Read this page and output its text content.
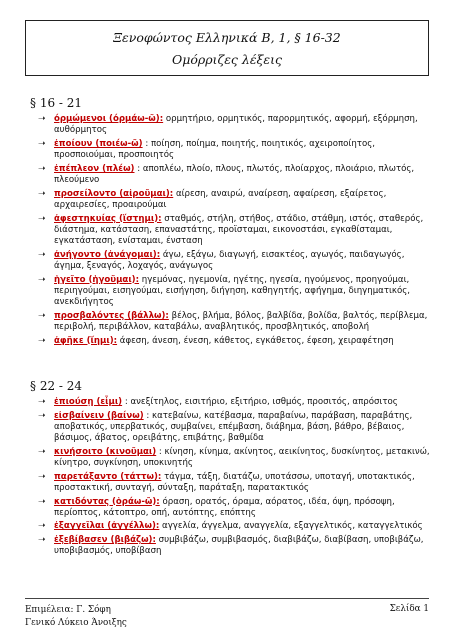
Ξενοφώντος Ελληνικά Β, 1, § 16-32
Ομόρριζες λέξεις
§ 16 - 21
➝ όρμώμενοι (όρμάω-ῶ): ορμητήριο, ορμητικός, παρορμητικός, αφορμή, εξόρμηση, αυθόρμητος
➝ ἐποίουν (ποιέω-ῶ) : ποίηση, ποίημα, ποιητής, ποιητικός, αχειροποίητος, προσποιούμαι, προσποιητός
➝ ἐπέπλεον (πλέω) : αποπλέω, πλοίο, πλους, πλωτός, πλοίαρχος, πλοιάριο, πλωτός, πλεούμενο
➝ προσείλοντο (αἱροῦμαι): αίρεση, αναιρώ, αναίρεση, αφαίρεση, εξαίρετος, αρχαιρεσίες, προαιρούμαι
➝ ἀφεστηκυίας (ἵστημι): σταθμός, στήλη, στήθος, στάδιο, στάθμη, ιστός, σταθερός, διάστημα, κατάσταση, επαναστάτης, προϊσταμαι, εικονοστάσι, εγκαθίσταμαι, εγκατάσταση, ενίσταμαι, ένσταση
➝ ἀνήγοντο (ἀνάγομαι): άγω, εξάγω, διαγωγή, εισακτέος, αγωγός, παιδαγωγός, άγημα, ξεναγός, λοχαγός, ανάγωγος
➝ ἡγεῖτο (ἡγοῦμαι): ηγεμόνας, ηγεμονία, ηγέτης, ηγεσία, ηγούμενος, προηγούμαι, περιηγούμαι, εισηγούμαι, εισήγηση, διήγηση, καθηγητής, αφήγημα, διηγηματικός, ανεκδιήγητος
➝ προσβαλόντες (βάλλω): βέλος, βλήμα, βόλος, βαλβίδα, βολίδα, βαλτός, περίβλεμα, περιβολή, περιβάλλον, καταβάλω, αναβλητικός, προσβλητικός, αποβολή
➝ ἀφῆκε (ἵημι): άφεση, άνεση, ένεση, κάθετος, εγκάθετος, έφεση, χειραφέτηση
§ 22 - 24
➝ ἐπιούσῃ (εἶμι) : ανεξίτηλος, εισιτήριο, εξιτήριο, ισθμός, προσιτός, απρόσιτος
➝ εἰσβαίνειν (βαίνω) : κατεβαίνω, κατέβασμα, παραβαίνω, παράβαση, παραβάτης, αποβατικός, υπερβατικός, συμβαίνει, επέμβαση, διάβημα, βάση, βάθρο, βέβαιος, βάσιμος, άβατος, ορειβάτης, επιβάτης, βαθμίδα
➝ κινήσοιτο (κινοῦμαι) : κίνηση, κίνημα, ακίνητος, αεικίνητος, δυσκίνητος, μετακινώ, κίνητρο, συγκίνηση, υποκινητής
➝ παρετάξαντο (τάττω): τάγμα, τάξη, διατάζω, υποτάσσω, υποταγή, υποτακτικός, προστακτική, συνταγή, σύνταξη, παράταξη, παρατακτικός
➝ κατιδόντας (ὁράω-ῶ): όραση, ορατός, όραμα, αόρατος, ιδέα, όψη, πρόσοψη, περίοπτος, κάτοπτρο, οπή, αυτόπτης, επόπτης
➝ ἐξαγγεῖλαι (ἀγγέλλω): αγγελία, άγγελμα, αναγγελία, εξαγγελτικός, καταγγελτικός
➝ ἐξεβίβασεν (βιβάζω): συμβιβάζω, συμβιβασμός, διαβιβάζω, διαβίβαση, υποβιβάζω, υποβιβασμός, υποβίβαση
Επιμέλεια: Γ. Σόφη
Γενικό Λύκειο Άνοιξης
Σελίδα 1
